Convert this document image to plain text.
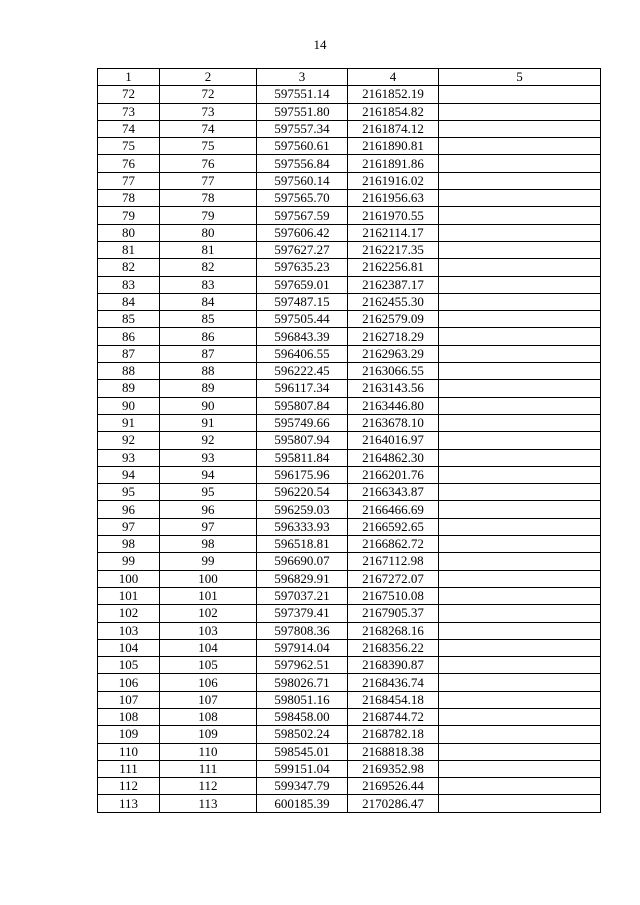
14
1	2	3	4	5
72	72	597551.14	2161852.19	
73	73	597551.80	2161854.82	
74	74	597557.34	2161874.12	
75	75	597560.61	2161890.81	
76	76	597556.84	2161891.86	
77	77	597560.14	2161916.02	
78	78	597565.70	2161956.63	
79	79	597567.59	2161970.55	
80	80	597606.42	2162114.17	
81	81	597627.27	2162217.35	
82	82	597635.23	2162256.81	
83	83	597659.01	2162387.17	
84	84	597487.15	2162455.30	
85	85	597505.44	2162579.09	
86	86	596843.39	2162718.29	
87	87	596406.55	2162963.29	
88	88	596222.45	2163066.55	
89	89	596117.34	2163143.56	
90	90	595807.84	2163446.80	
91	91	595749.66	2163678.10	
92	92	595807.94	2164016.97	
93	93	595811.84	2164862.30	
94	94	596175.96	2166201.76	
95	95	596220.54	2166343.87	
96	96	596259.03	2166466.69	
97	97	596333.93	2166592.65	
98	98	596518.81	2166862.72	
99	99	596690.07	2167112.98	
100	100	596829.91	2167272.07	
101	101	597037.21	2167510.08	
102	102	597379.41	2167905.37	
103	103	597808.36	2168268.16	
104	104	597914.04	2168356.22	
105	105	597962.51	2168390.87	
106	106	598026.71	2168436.74	
107	107	598051.16	2168454.18	
108	108	598458.00	2168744.72	
109	109	598502.24	2168782.18	
110	110	598545.01	2168818.38	
111	111	599151.04	2169352.98	
112	112	599347.79	2169526.44	
113	113	600185.39	2170286.47	
